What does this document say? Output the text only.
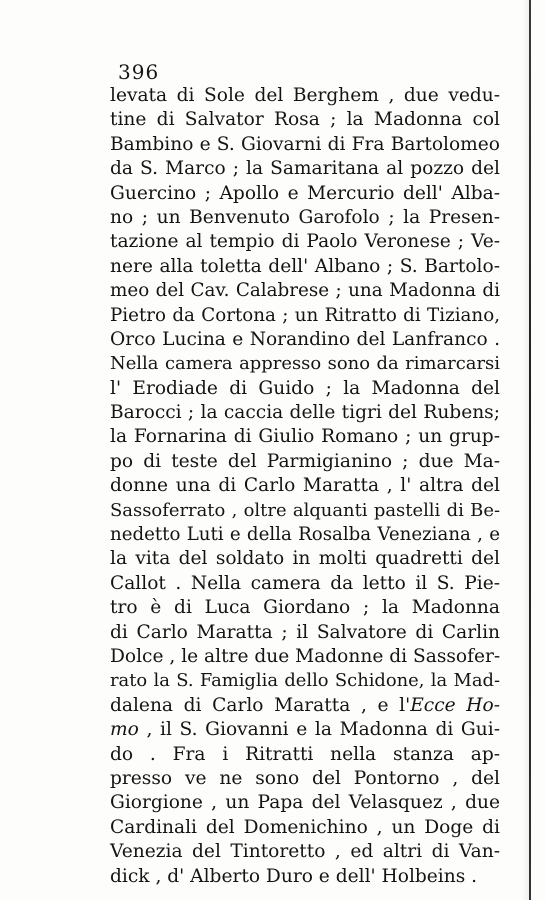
396
levata di Sole del Berghem , due vedu-
tine di Salvator Rosa ; la Madonna col
Bambino e S. Giovarni di Fra Bartolomeo
da S. Marco ; la Samaritana al pozzo del
Guercino ; Apollo e Mercurio dell' Alba-
no ; un Benvenuto Garofolo ; la Presen-
tazione al tempio di Paolo Veronese ; Ve-
nere alla toletta dell' Albano ; S. Bartolo-
meo del Cav. Calabrese ; una Madonna di
Pietro da Cortona ; un Ritratto di Tiziano,
Orco Lucina e Norandino del Lanfranco .
Nella camera appresso sono da rimarcarsi
l' Erodiade di Guido ; la Madonna del
Barocci ; la caccia delle tigri del Rubens;
la Fornarina di Giulio Romano ; un grup-
po di teste del Parmigianino ; due Ma-
donne una di Carlo Maratta , l' altra del
Sassoferrato , oltre alquanti pastelli di Be-
nedetto Luti e della Rosalba Veneziana , e
la vita del soldato in molti quadretti del
Callot . Nella camera da letto il S. Pie-
tro è di Luca Giordano ; la Madonna
di Carlo Maratta ; il Salvatore di Carlin
Dolce , le altre due Madonne di Sassofer-
rato la S. Famiglia dello Schidone, la Mad-
dalena di Carlo Maratta , e l'Ecce Ho-
mo , il S. Giovanni e la Madonna di Gui-
do . Fra i Ritratti nella stanza ap-
presso ve ne sono del Pontorno , del
Giorgione , un Papa del Velasquez , due
Cardinali del Domenichino , un Doge di
Venezia del Tintoretto , ed altri di Van-
dick , d' Alberto Duro e dell' Holbeins .
